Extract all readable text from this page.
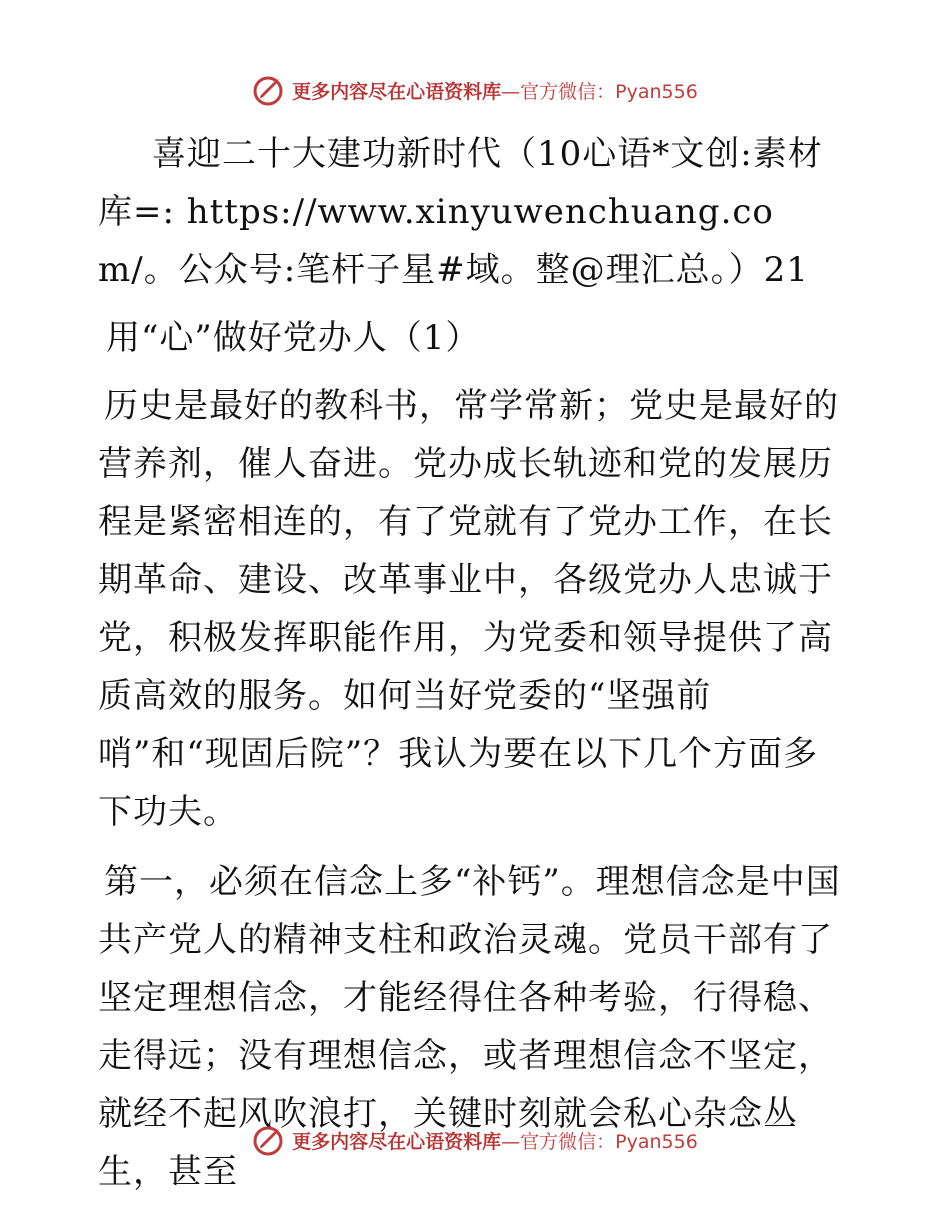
更多内容尽在心语资料库—官方微信：Pyan556

喜迎二十大建功新时代（10心语*文创:素材库=: https://www.xinyuwenchuang.com/。公众号:笔杆子星#域。整@理汇总。）21

用“心”做好党办人（1）

历史是最好的教科书，常学常新；党史是最好的营养剂，催人奋进。党办成长轨迹和党的发展历程是紧密相连的，有了党就有了党办工作，在长期革命、建设、改革事业中，各级党办人忠诚于党，积极发挥职能作用，为党委和领导提供了高质高效的服务。如何当好党委的“坚强前哨”和“现固后院”？我认为要在以下几个方面多下功夫。

第一，必须在信念上多“补钙”。理想信念是中国共产党人的精神支柱和政治灵魂。党员干部有了坚定理想信念，才能经得住各种考验，行得稳、走得远；没有理想信念，或者理想信念不坚定，就经不起风吹浪打，关键时刻就会私心杂念丛生，甚至

更多内容尽在心语资料库—官方微信：Pyan556
